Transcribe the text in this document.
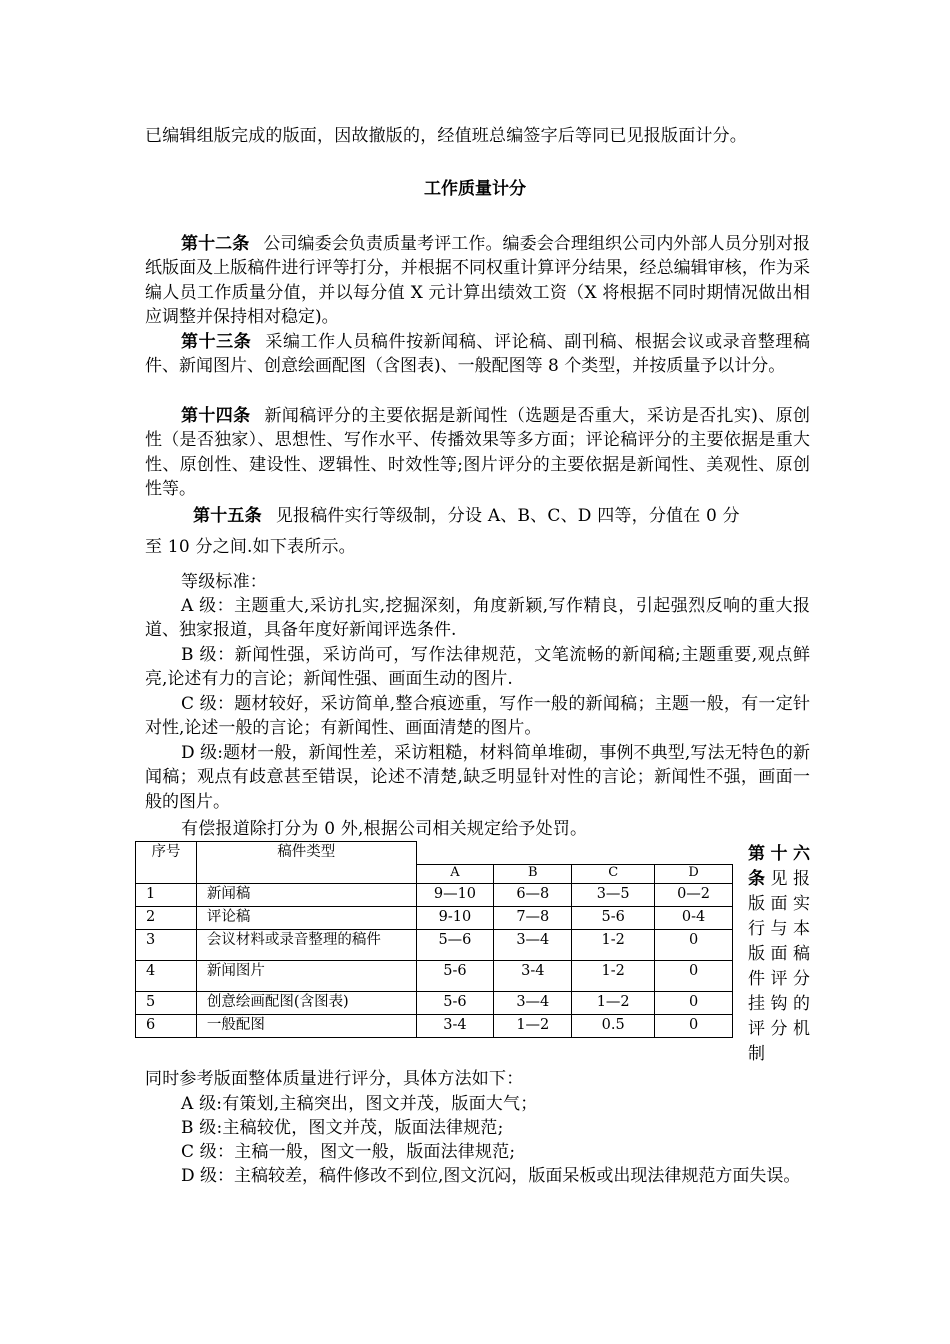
已编辑组版完成的版面，因故撤版的，经值班总编签字后等同已见报版面计分。
工作质量计分
第十二条 公司编委会负责质量考评工作。编委会合理组织公司内外部人员分别对报纸版面及上版稿件进行评等打分，并根据不同权重计算评分结果，经总编辑审核，作为采编人员工作质量分值，并以每分值 X 元计算出绩效工资（X 将根据不同时期情况做出相应调整并保持相对稳定)。
第十三条 采编工作人员稿件按新闻稿、评论稿、副刊稿、根据会议或录音整理稿件、新闻图片、创意绘画配图（含图表)、一般配图等 8 个类型，并按质量予以计分。
第十四条 新闻稿评分的主要依据是新闻性（选题是否重大，采访是否扎实)、原创性（是否独家）、思想性、写作水平、传播效果等多方面；评论稿评分的主要依据是重大性、原创性、建设性、逻辑性、时效性等;图片评分的主要依据是新闻性、美观性、原创性等。
第十五条 见报稿件实行等级制，分设 A、B、C、D 四等，分值在 0 分
至 10 分之间.如下表所示。
等级标准：
A 级：主题重大,采访扎实,挖掘深刻，角度新颖,写作精良，引起强烈反响的重大报道、独家报道，具备年度好新闻评选条件.
B 级：新闻性强，采访尚可，写作法律规范，文笔流畅的新闻稿;主题重要,观点鲜亮,论述有力的言论；新闻性强、画面生动的图片.
C 级：题材较好，采访简单,整合痕迹重，写作一般的新闻稿；主题一般，有一定针对性,论述一般的言论；有新闻性、画面清楚的图片。
D 级:题材一般，新闻性差，采访粗糙，材料简单堆砌，事例不典型,写法无特色的新闻稿；观点有歧意甚至错误，论述不清楚,缺乏明显针对性的言论；新闻性不强，画面一般的图片。
有偿报道除打分为 0 外,根据公司相关规定给予处罚。
序号	稿件类型				
		A	B	C	D
1	新闻稿	9—10	6—8	3—5	0—2
2	评论稿	9-10	7—8	5-6	0-4
3	会议材料或录音整理的稿件	5—6	3—4	1-2	0
4	新闻图片	5-6	3-4	1-2	0
5	创意绘画配图(含图表)	5-6	3—4	1—2	0
6	一般配图	3-4	1—2	0.5	0
第十六条见报版面实行与本版面稿件评分挂钩的评分机制
同时参考版面整体质量进行评分，具体方法如下：
A 级:有策划,主稿突出，图文并茂，版面大气；
B 级:主稿较优，图文并茂，版面法律规范;
C 级：主稿一般，图文一般，版面法律规范;
D 级：主稿较差，稿件修改不到位,图文沉闷，版面呆板或出现法律规范方面失误。
